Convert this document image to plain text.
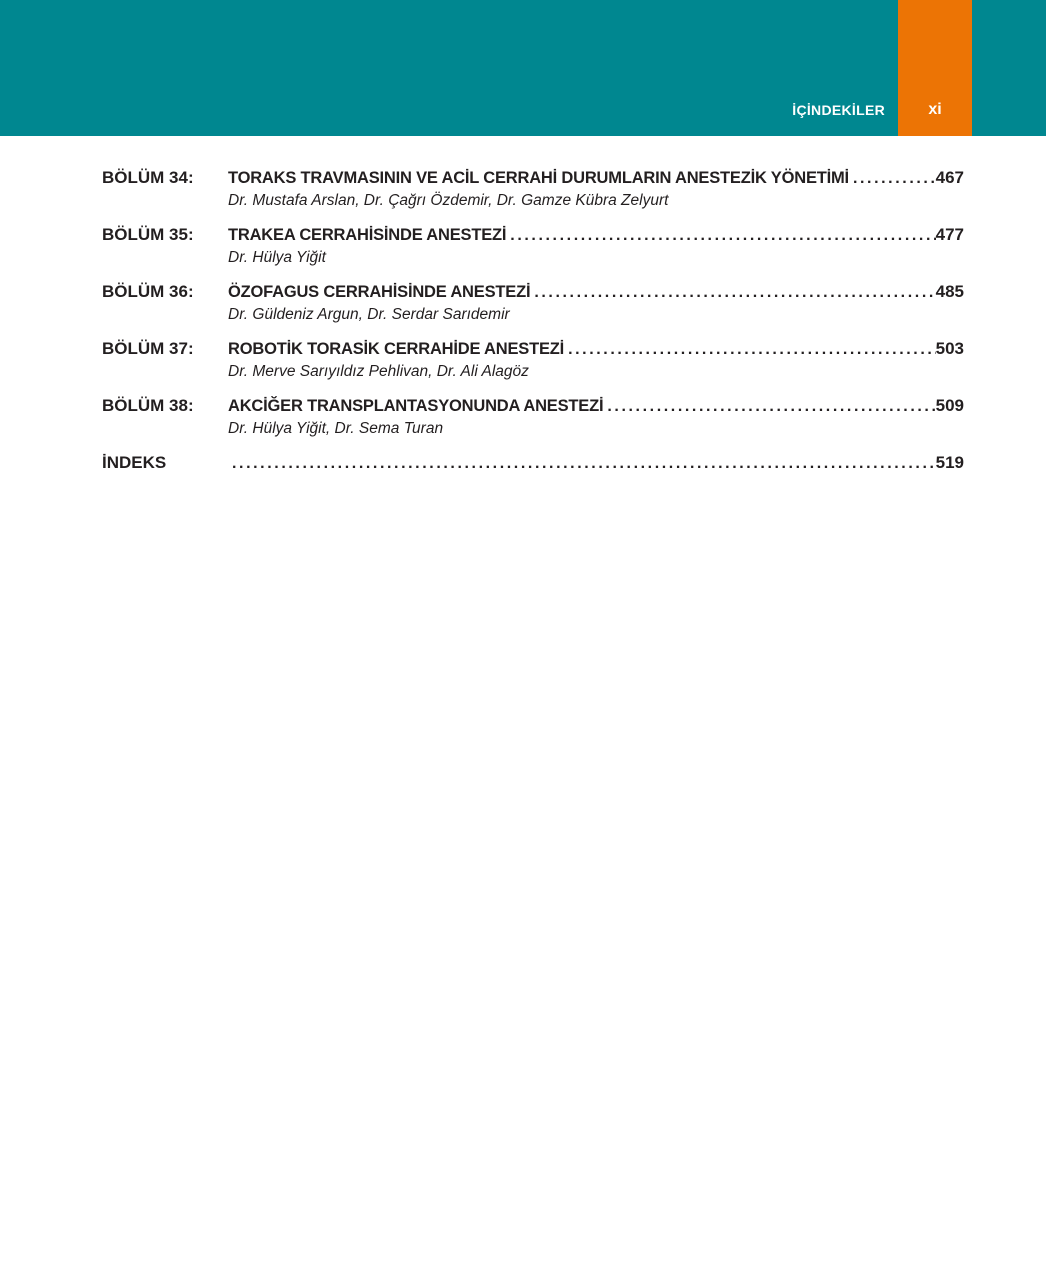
İÇİNDEKİLER	xi
BÖLÜM 34:	TORAKS TRAVMASININ VE ACİL CERRAHİ DURUMLARIN ANESTEZİK YÖNETİMİ .....	467
Dr. Mustafa Arslan, Dr. Çağrı Özdemir, Dr. Gamze Kübra Zelyurt
BÖLÜM 35:	TRAKEA CERRAHİSİNDE ANESTEZİ .....	477
Dr. Hülya Yiğit
BÖLÜM 36:	ÖZOFAGUS CERRAHİSİNDE ANESTEZİ .....	485
Dr. Güldeniz Argun, Dr. Serdar Sarıdemir
BÖLÜM 37:	ROBOTİK TORASİK CERRAHİDE ANESTEZİ .....	503
Dr. Merve Sarıyıldız Pehlivan, Dr. Ali Alagöz
BÖLÜM 38:	AKCİĞER TRANSPLANTASYONUNDA ANESTEZİ .....	509
Dr. Hülya Yiğit, Dr. Sema Turan
İNDEKS .....	519
